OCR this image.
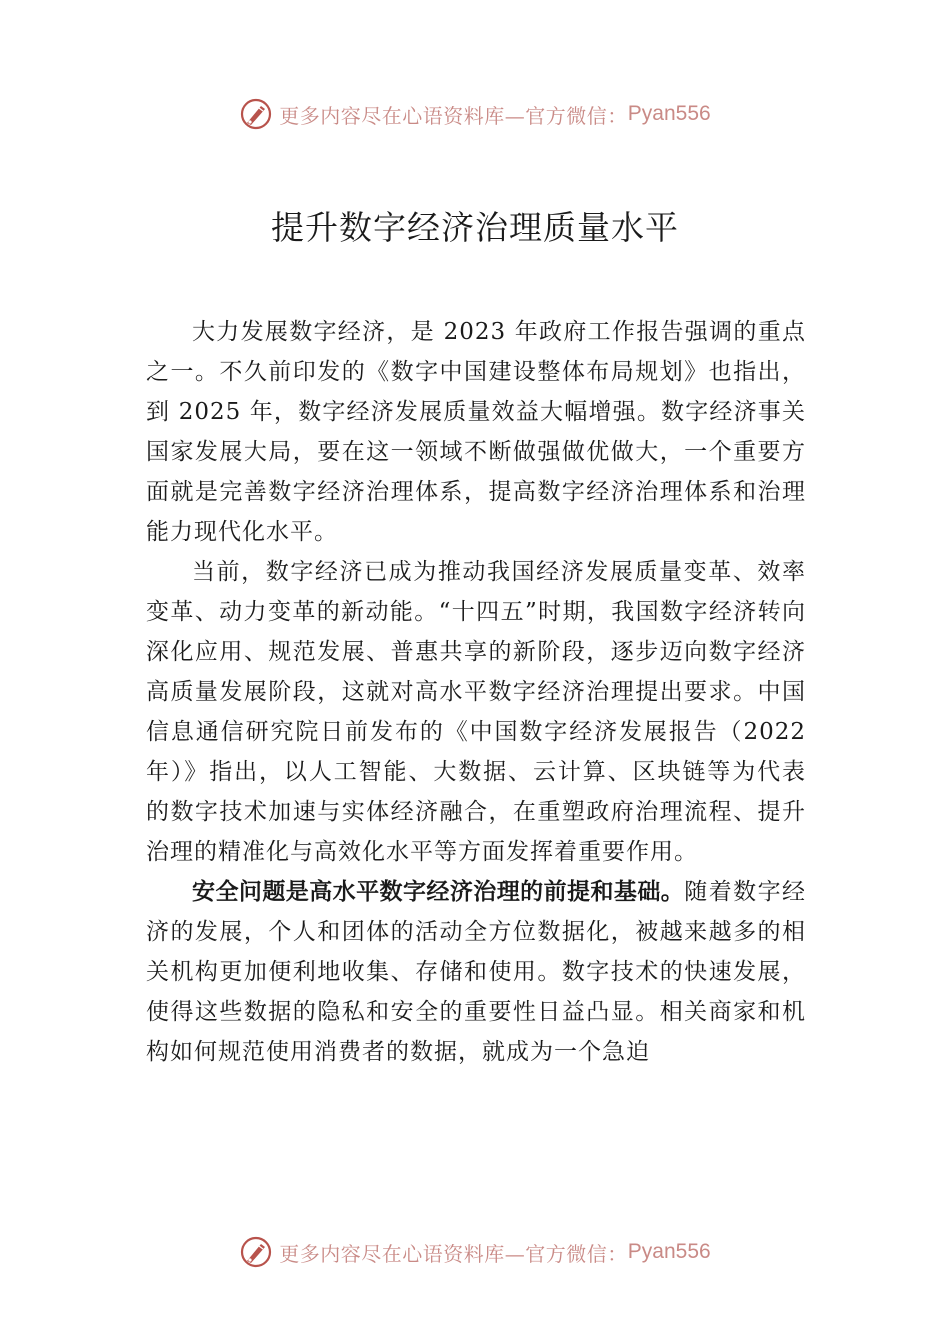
更多内容尽在心语资料库—官方微信： Pyan556
提升数字经济治理质量水平

大力发展数字经济，是 2023 年政府工作报告强调的重点之一。不久前印发的《数字中国建设整体布局规划》也指出，到 2025 年，数字经济发展质量效益大幅增强。数字经济事关国家发展大局，要在这一领域不断做强做优做大，一个重要方面就是完善数字经济治理体系，提高数字经济治理体系和治理能力现代化水平。

当前，数字经济已成为推动我国经济发展质量变革、效率变革、动力变革的新动能。“十四五”时期，我国数字经济转向深化应用、规范发展、普惠共享的新阶段，逐步迈向数字经济高质量发展阶段，这就对高水平数字经济治理提出要求。中国信息通信研究院日前发布的《中国数字经济发展报告（2022 年）》指出，以人工智能、大数据、云计算、区块链等为代表的数字技术加速与实体经济融合，在重塑政府治理流程、提升治理的精准化与高效化水平等方面发挥着重要作用。

安全问题是高水平数字经济治理的前提和基础。随着数字经济的发展，个人和团体的活动全方位数据化，被越来越多的相关机构更加便利地收集、存储和使用。数字技术的快速发展，使得这些数据的隐私和安全的重要性日益凸显。相关商家和机构如何规范使用消费者的数据，就成为一个急迫

更多内容尽在心语资料库—官方微信： Pyan556
